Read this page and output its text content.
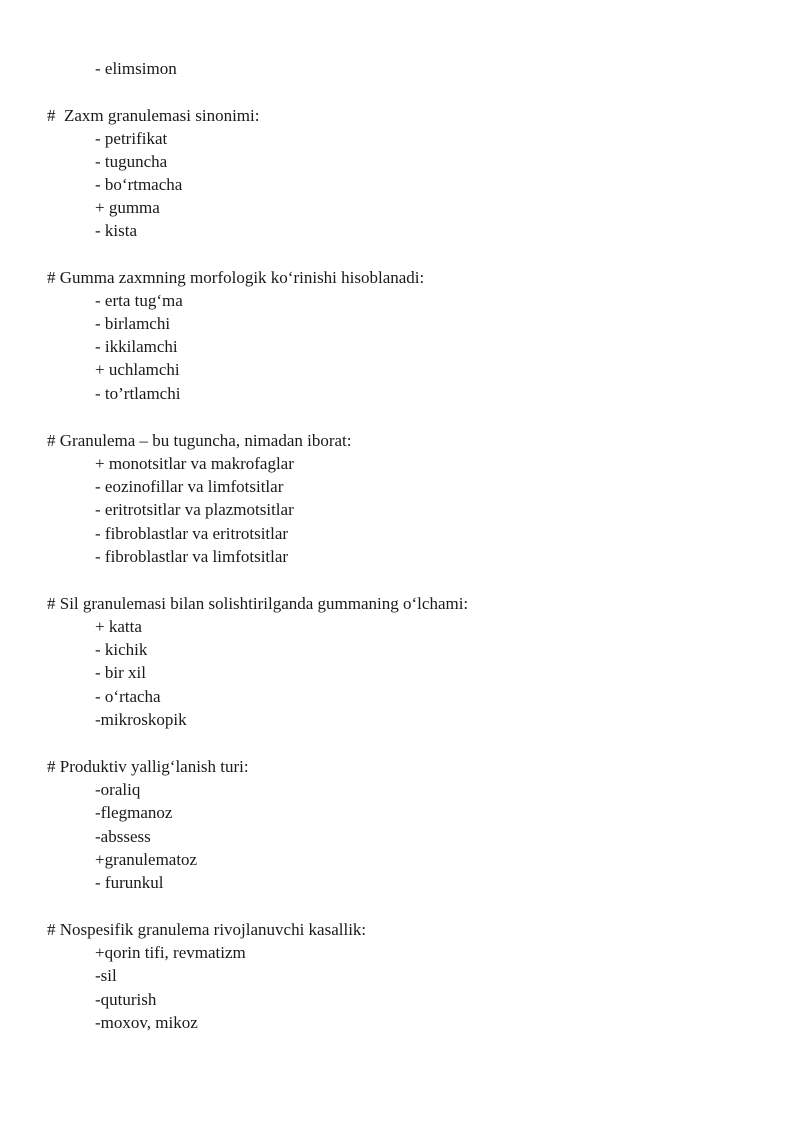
- elimsimon
#  Zaxm granulemasi sinonimi:
- petrifikat
- tuguncha
- bo‘rtmacha
+ gumma
- kista
# Gumma zaxmning morfologik ko‘rinishi hisoblanadi:
- erta tug‘ma
- birlamchi
- ikkilamchi
+ uchlamchi
- to’rtlamchi
# Granulema – bu tuguncha, nimadan iborat:
+ monotsitlar va makrofaglar
- eozinofillar va limfotsitlar
- eritrotsitlar va plazmotsitlar
- fibroblastlar va eritrotsitlar
- fibroblastlar va limfotsitlar
# Sil granulemasi bilan solishtirilganda gummaning o‘lchami:
+ katta
- kichik
- bir xil
- o‘rtacha
-mikroskopik
# Produktiv yallig‘lanish turi:
-oraliq
-flegmanoz
-abssess
+granulematoz
- furunkul
# Nospesifik granulema rivojlanuvchi kasallik:
+qorin tifi, revmatizm
-sil
-quturish
-moxov, mikoz
